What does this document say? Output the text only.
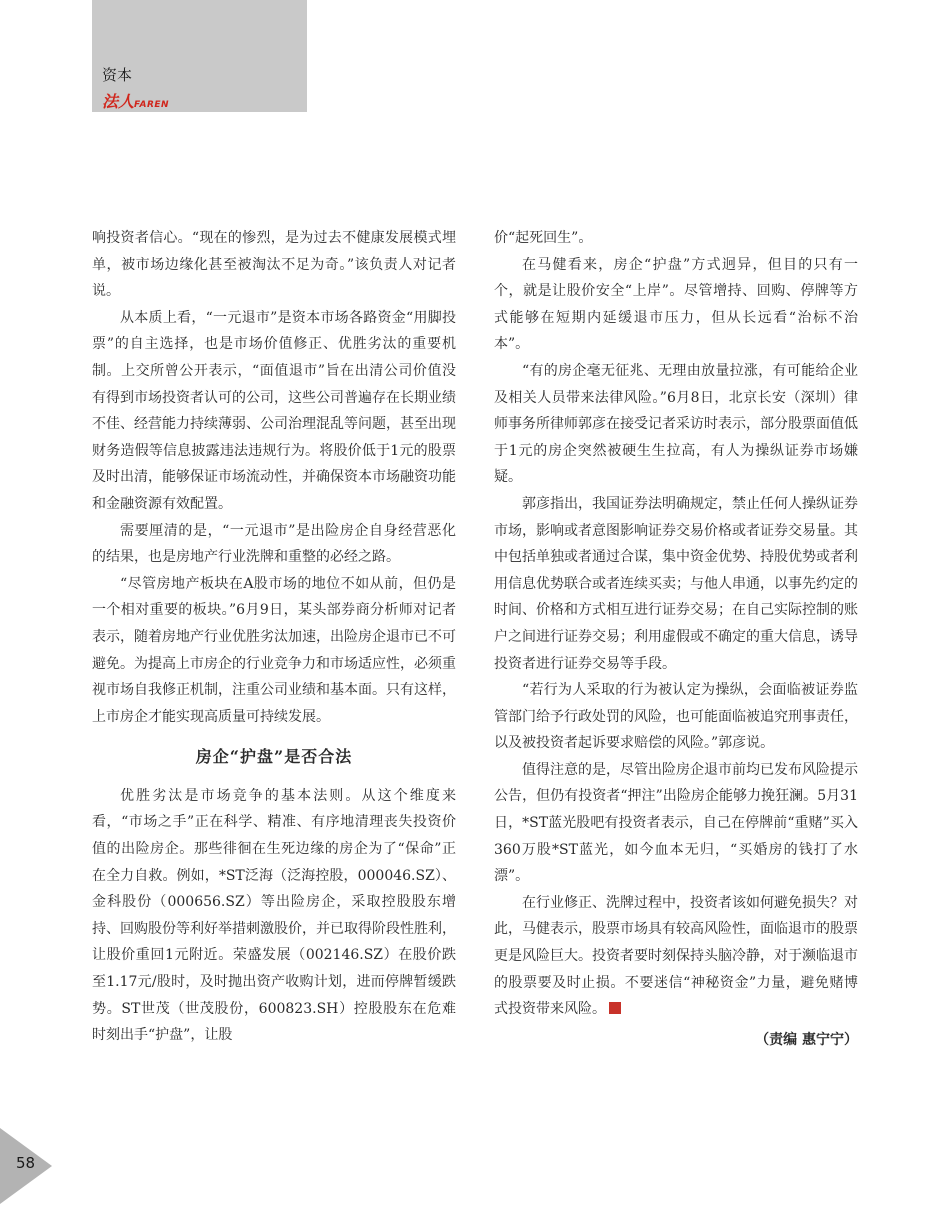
资本
法人FAREN

响投资者信心。“现在的惨烈，是为过去不健康发展模式埋单，被市场边缘化甚至被淘汰不足为奇。”该负责人对记者说。

从本质上看，“一元退市”是资本市场各路资金“用脚投票”的自主选择，也是市场价值修正、优胜劣汰的重要机制。上交所曾公开表示，“面值退市”旨在出清公司价值没有得到市场投资者认可的公司，这些公司普遍存在长期业绩不佳、经营能力持续薄弱、公司治理混乱等问题，甚至出现财务造假等信息披露违法违规行为。将股价低于1元的股票及时出清，能够保证市场流动性，并确保资本市场融资功能和金融资源有效配置。

需要厘清的是，“一元退市”是出险房企自身经营恶化的结果，也是房地产行业洗牌和重整的必经之路。

“尽管房地产板块在A股市场的地位不如从前，但仍是一个相对重要的板块。”6月9日，某头部券商分析师对记者表示，随着房地产行业优胜劣汰加速，出险房企退市已不可避免。为提高上市房企的行业竞争力和市场适应性，必须重视市场自我修正机制，注重公司业绩和基本面。只有这样，上市房企才能实现高质量可持续发展。

房企“护盘”是否合法

优胜劣汰是市场竞争的基本法则。从这个维度来看，“市场之手”正在科学、精准、有序地清理丧失投资价值的出险房企。那些徘徊在生死边缘的房企为了“保命”正在全力自救。例如，*ST泛海（泛海控股，000046.SZ）、金科股份（000656.SZ）等出险房企，采取控股股东增持、回购股份等利好举措刺激股价，并已取得阶段性胜利，让股价重回1元附近。荣盛发展（002146.SZ）在股价跌至1.17元/股时，及时抛出资产收购计划，进而停牌暂缓跌势。ST世茂（世茂股份，600823.SH）控股股东在危难时刻出手“护盘”，让股

价“起死回生”。

在马健看来，房企“护盘”方式迥异，但目的只有一个，就是让股价安全“上岸”。尽管增持、回购、停牌等方式能够在短期内延缓退市压力，但从长远看“治标不治本”。

“有的房企毫无征兆、无理由放量拉涨，有可能给企业及相关人员带来法律风险。”6月8日，北京长安（深圳）律师事务所律师郭彦在接受记者采访时表示，部分股票面值低于1元的房企突然被硬生生拉高，有人为操纵证券市场嫌疑。

郭彦指出，我国证券法明确规定，禁止任何人操纵证券市场，影响或者意图影响证券交易价格或者证券交易量。其中包括单独或者通过合谋，集中资金优势、持股优势或者利用信息优势联合或者连续买卖；与他人串通，以事先约定的时间、价格和方式相互进行证券交易；在自己实际控制的账户之间进行证券交易；利用虚假或不确定的重大信息，诱导投资者进行证券交易等手段。

“若行为人采取的行为被认定为操纵，会面临被证券监管部门给予行政处罚的风险，也可能面临被追究刑事责任，以及被投资者起诉要求赔偿的风险。”郭彦说。

值得注意的是，尽管出险房企退市前均已发布风险提示公告，但仍有投资者“押注”出险房企能够力挽狂澜。5月31日，*ST蓝光股吧有投资者表示，自己在停牌前“重赌”买入360万股*ST蓝光，如今血本无归，“买婚房的钱打了水漂”。

在行业修正、洗牌过程中，投资者该如何避免损失？对此，马健表示，股票市场具有较高风险性，面临退市的股票更是风险巨大。投资者要时刻保持头脑冷静，对于濒临退市的股票要及时止损。不要迷信“神秘资金”力量，避免赌博式投资带来风险。

（责编 惠宁宁）

58
